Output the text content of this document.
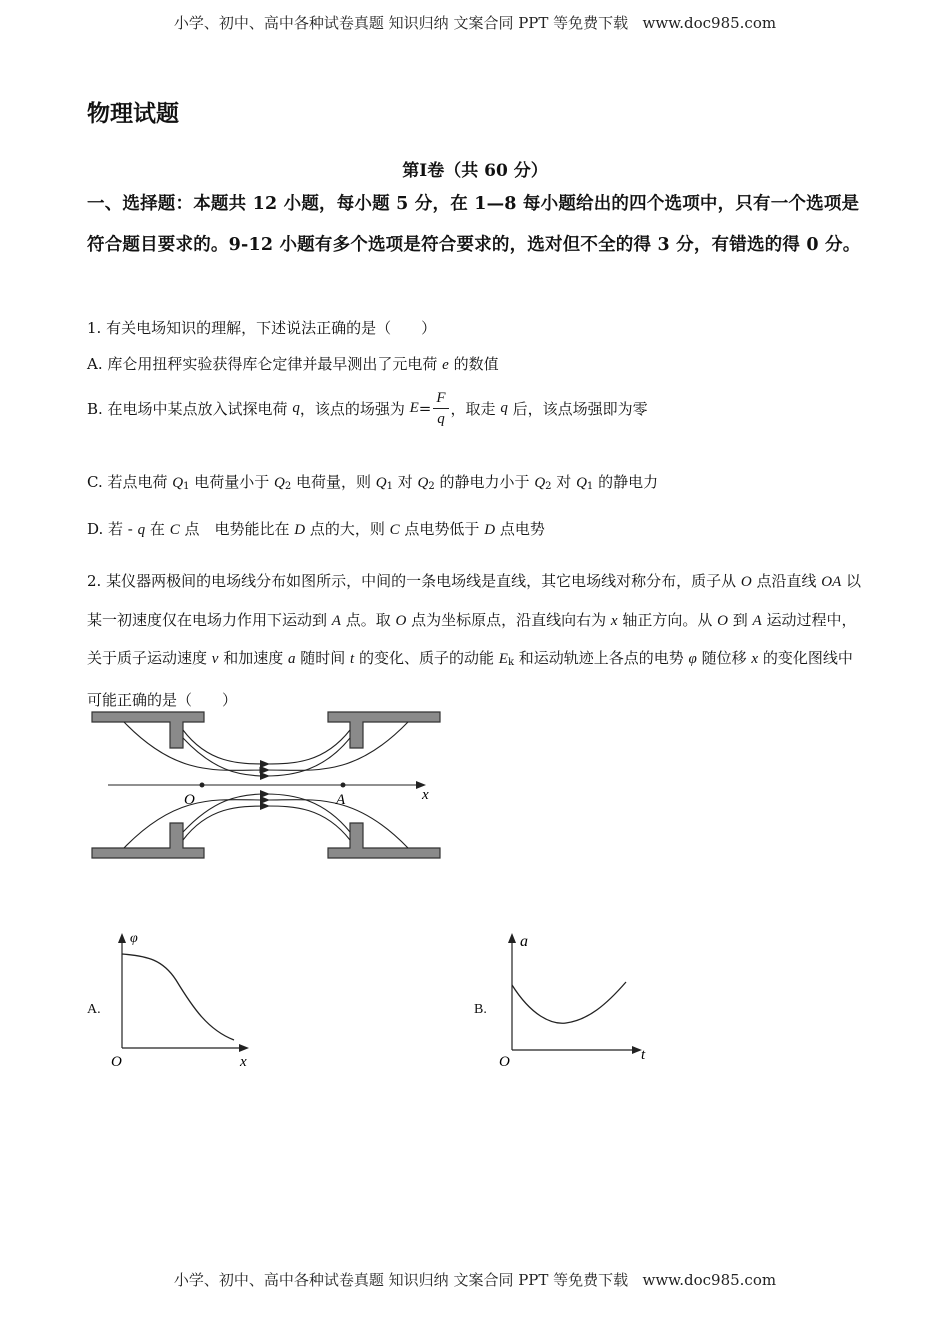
小学、初中、高中各种试卷真题 知识归纳 文案合同 PPT 等免费下载 www.doc985.com
物理试题
第Ⅰ卷（共 60 分）
一、选择题：本题共 12 小题，每小题 5 分，在 1—8 每小题给出的四个选项中，只有一个选项是符合题目要求的。9-12 小题有多个选项是符合要求的，选对但不全的得 3 分，有错选的得 0 分。
1. 有关电场知识的理解，下述说法正确的是（　　）
A. 库仑用扭秤实验获得库仑定律并最早测出了元电荷 e 的数值
B. 在电场中某点放入试探电荷 q，该点的场强为 $E= \frac{F}{q}$ ，取走 q 后，该点场强即为零
C. 若点电荷 $Q_1$ 电荷量小于 $Q_2$ 电荷量，则 $Q_1$ 对 $Q_2$ 的静电力小于 $Q_2$ 对 $Q_1$ 的静电力
D. 若 - q 在 C 点　电势能比在 D 点的大，则 C 点电势低于 D 点电势
2. 某仪器两极间的电场线分布如图所示，中间的一条电场线是直线，其它电场线对称分布，质子从 O 点沿直线 OA 以某一初速度仅在电场力作用下运动到 A 点。取 O 点为坐标原点，沿直线向右为 x 轴正方向。从 O 到 A 运动过程中，关于质子运动速度 v 和加速度 a 随时间 t 的变化、质子的动能 $E_k$ 和运动轨迹上各点的电势 φ 随位移 x 的变化图线中可能正确的是（　　）
O	A	x
A.
φ
x
O
B.
a
t
O
小学、初中、高中各种试卷真题 知识归纳 文案合同 PPT 等免费下载 www.doc985.com
